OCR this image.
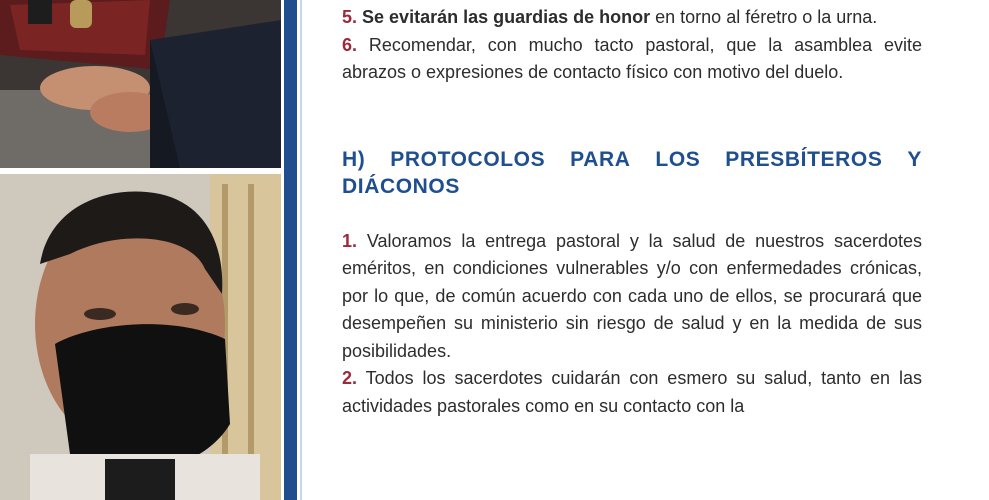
5. Se evitarán las guardias de honor en torno al féretro o la urna.

6. Recomendar, con mucho tacto pastoral, que la asamblea evite abrazos o expresiones de contacto físico con motivo del duelo.

H) PROTOCOLOS PARA LOS PRESBÍTEROS Y
DIÁCONOS

1. Valoramos la entrega pastoral y la salud de nuestros sacerdotes eméritos, en condiciones vulnerables y/o con enfermedades crónicas, por lo que, de común acuerdo con cada uno de ellos, se procurará que desempeñen su ministerio sin riesgo de salud y en la medida de sus posibilidades.

2. Todos los sacerdotes cuidarán con esmero su salud, tanto en las actividades pastorales como en su contacto con la
